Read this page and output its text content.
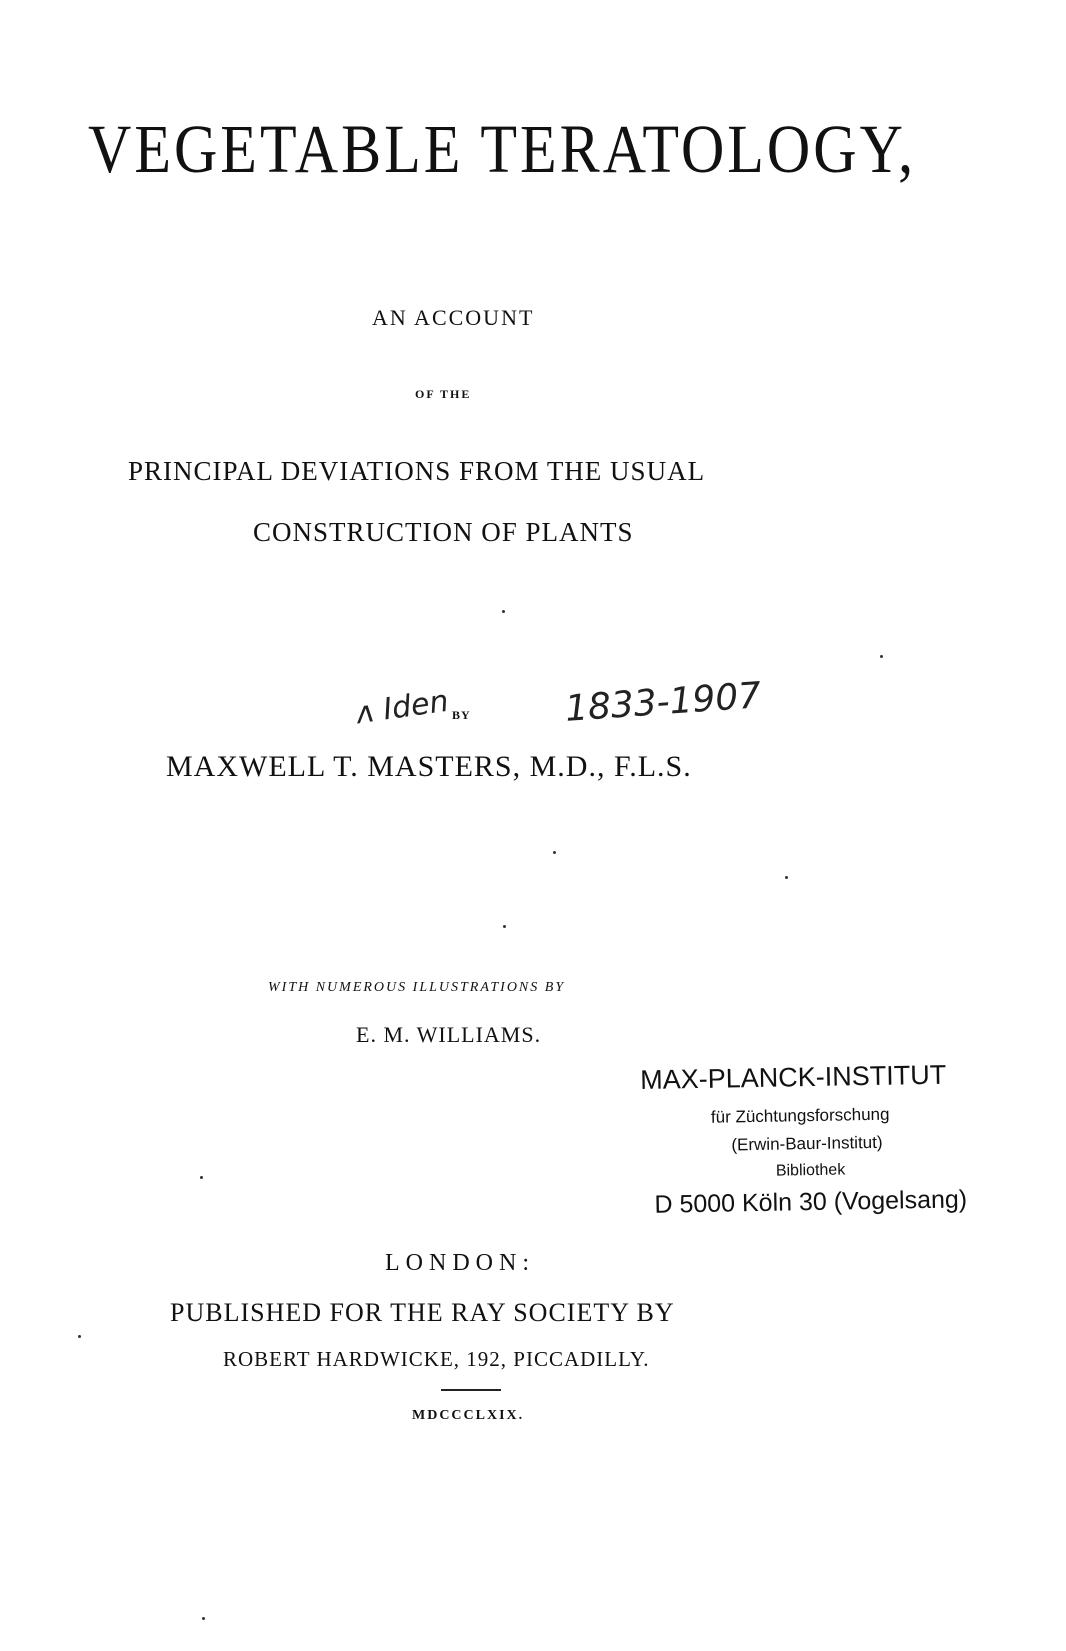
VEGETABLE TERATOLOGY,
AN ACCOUNT
OF THE
PRINCIPAL DEVIATIONS FROM THE USUAL
CONSTRUCTION OF PLANTS
ʌ Iden BY	1833-1907
MAXWELL T. MASTERS, M.D., F.L.S.
WITH NUMEROUS ILLUSTRATIONS BY
E. M. WILLIAMS.
MAX-PLANCK-INSTITUT
für Züchtungsforschung
(Erwin-Baur-Institut)
Bibliothek
D 5000 Köln 30 (Vogelsang)
LONDON:
PUBLISHED FOR THE RAY SOCIETY BY
ROBERT HARDWICKE, 192, PICCADILLY.
MDCCCLXIX.
